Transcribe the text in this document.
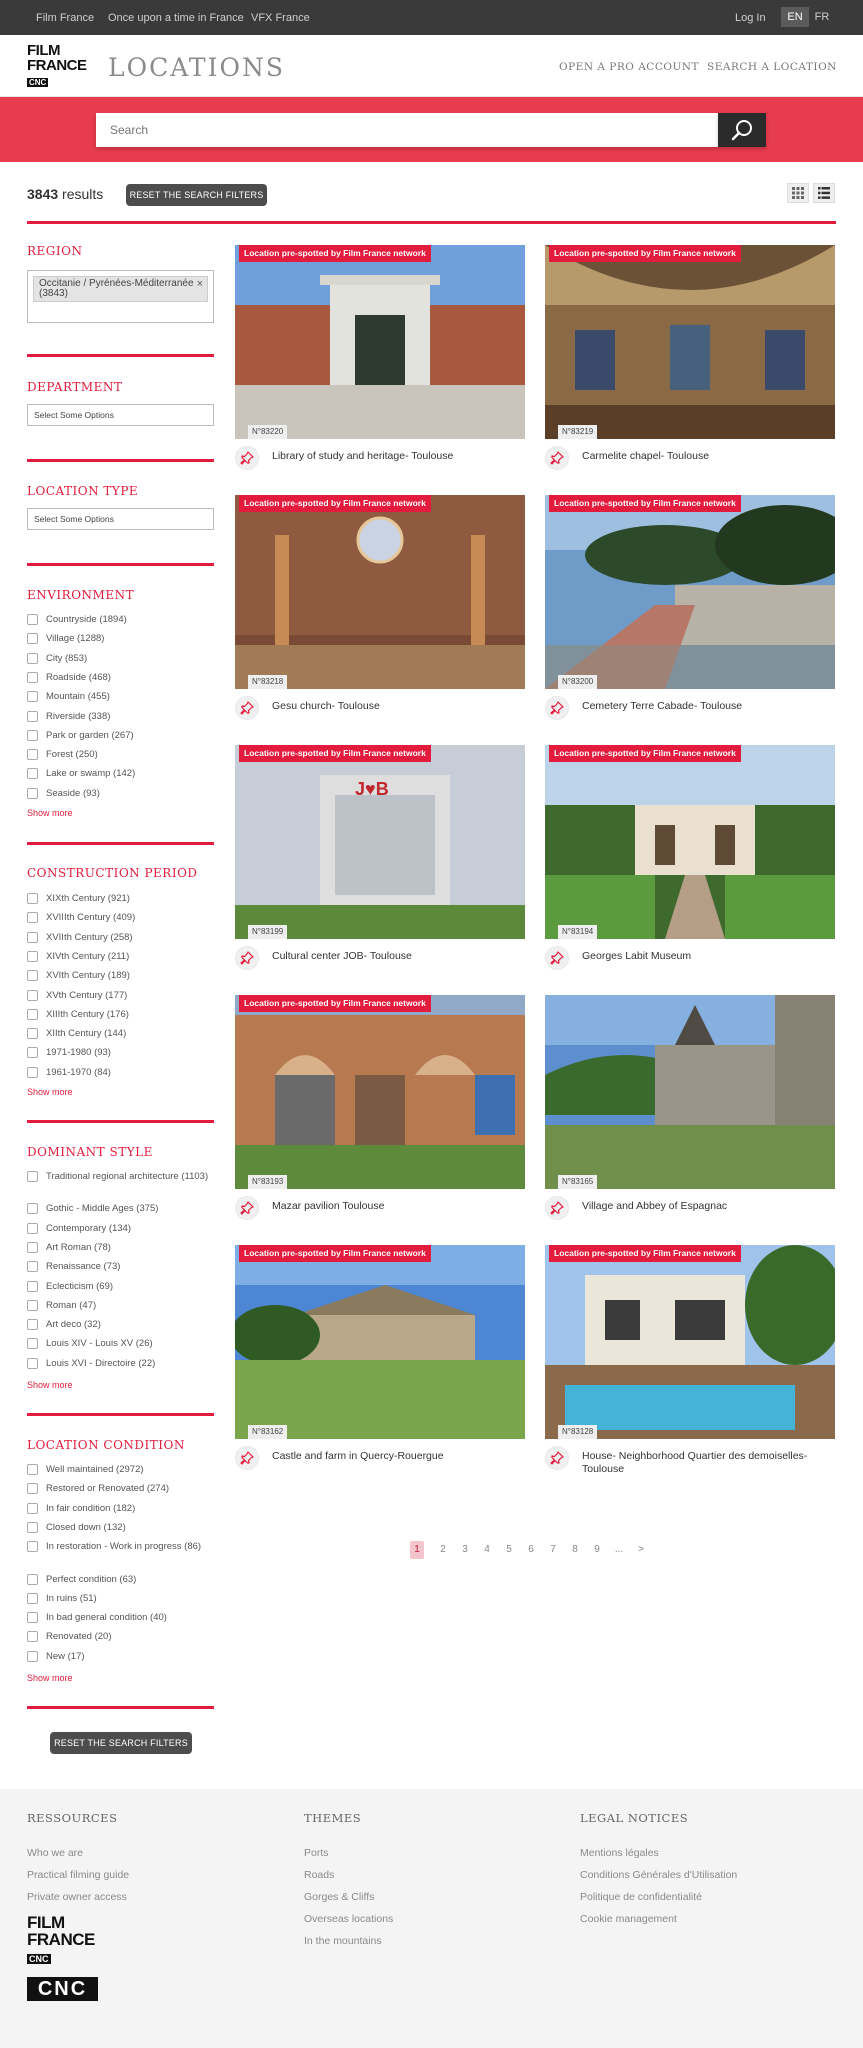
Film France Once upon a time in France VFX France	Log In	EN	FR
FILM
FRANCE
CNC
LOCATIONS	OPEN A PRO ACCOUNT SEARCH A LOCATION
Search
3843 results	RESET THE SEARCH FILTERS
REGION
Occitanie / Pyrénées-Méditerranée (3843)
×
DEPARTMENT
Select Some Options
LOCATION TYPE
Select Some Options
ENVIRONMENT
Countryside (1894)
Village (1288)
City (853)
Roadside (468)
Mountain (455)
Riverside (338)
Park or garden (267)
Forest (250)
Lake or swamp (142)
Seaside (93)
Show more
CONSTRUCTION PERIOD
XIXth Century (921)
XVIIIth Century (409)
XVIIth Century (258)
XIVth Century (211)
XVIth Century (189)
XVth Century (177)
XIIIth Century (176)
XIIth Century (144)
1971-1980 (93)
1961-1970 (84)
Show more
DOMINANT STYLE
Traditional regional architecture (1103)
Gothic - Middle Ages (375)
Contemporary (134)
Art Roman (78)
Renaissance (73)
Eclecticism (69)
Roman (47)
Art deco (32)
Louis XIV - Louis XV (26)
Louis XVI - Directoire (22)
Show more
LOCATION CONDITION
Well maintained (2972)
Restored or Renovated (274)
In fair condition (182)
Closed down (132)
In restoration - Work in progress (86)
Perfect condition (63)
In ruins (51)
In bad general condition (40)
Renovated (20)
New (17)
Show more
RESET THE SEARCH FILTERS
Location pre-spotted by Film France network
N°83220
Library of study and heritage- Toulouse
Location pre-spotted by Film France network
N°83219
Carmelite chapel- Toulouse
Location pre-spotted by Film France network
N°83218
Gesu church- Toulouse
Location pre-spotted by Film France network
N°83200
Cemetery Terre Cabade- Toulouse
J♥B
Location pre-spotted by Film France network
N°83199
Cultural center JOB- Toulouse
Location pre-spotted by Film France network
N°83194
Georges Labit Museum
Location pre-spotted by Film France network
N°83193
Mazar pavilion Toulouse
N°83165
Village and Abbey of Espagnac
Location pre-spotted by Film France network
N°83162
Castle and farm in Quercy-Rouergue
Location pre-spotted by Film France network
N°83128
House- Neighborhood Quartier des demoiselles- Toulouse
1	2	3	4	5	6	7	8	9	...	>
RESSOURCES
Who we are
Practical filming guide
Private owner access
THEMES
Ports
Roads
Gorges & Cliffs
Overseas locations
In the mountains
LEGAL NOTICES
Mentions légales
Conditions Générales d'Utilisation
Politique de confidentialité
Cookie management
FILM
FRANCE
CNC
CNC
